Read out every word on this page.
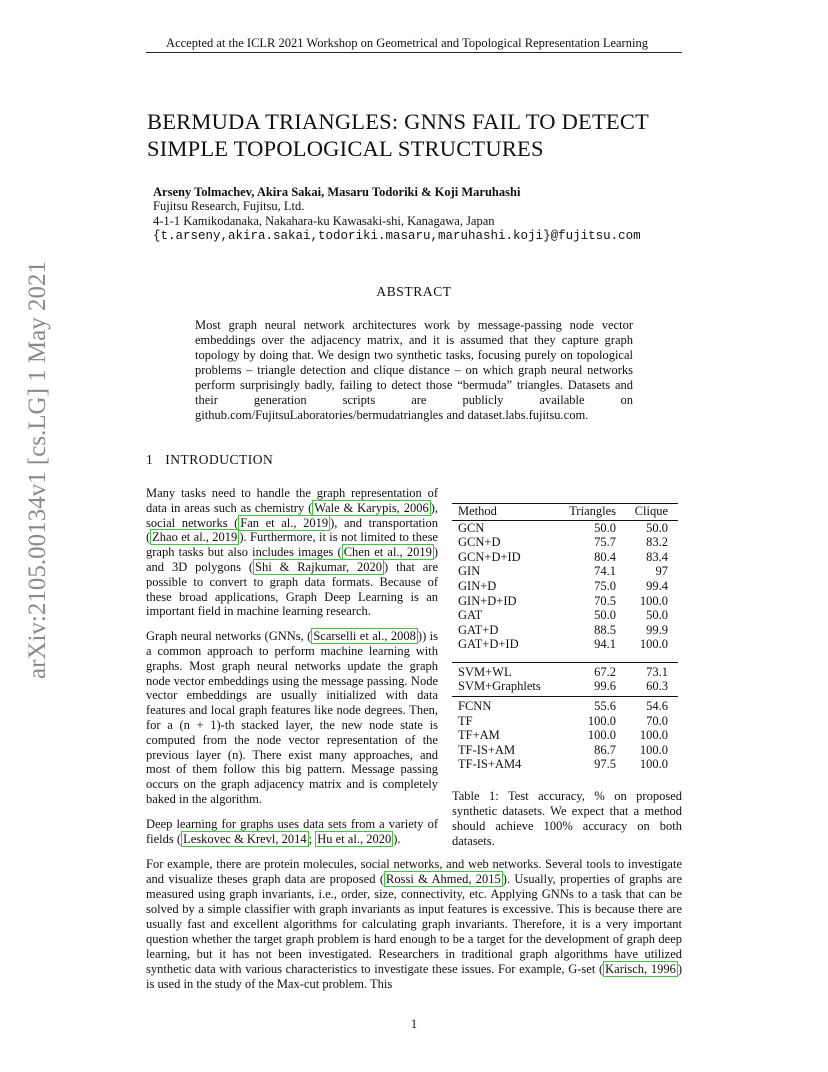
Accepted at the ICLR 2021 Workshop on Geometrical and Topological Representation Learning
arXiv:2105.00134v1 [cs.LG] 1 May 2021
BERMUDA TRIANGLES: GNNS FAIL TO DETECT
SIMPLE TOPOLOGICAL STRUCTURES
Arseny Tolmachev, Akira Sakai, Masaru Todoriki & Koji Maruhashi
Fujitsu Research, Fujitsu, Ltd.
4-1-1 Kamikodanaka, Nakahara-ku Kawasaki-shi, Kanagawa, Japan
{t.arseny,akira.sakai,todoriki.masaru,maruhashi.koji}@fujitsu.com
ABSTRACT
Most graph neural network architectures work by message-passing node vector embeddings over the adjacency matrix, and it is assumed that they capture graph topology by doing that. We design two synthetic tasks, focusing purely on topological problems – triangle detection and clique distance – on which graph neural networks perform surprisingly badly, failing to detect those “bermuda” triangles. Datasets and their generation scripts are publicly available on github.com/FujitsuLaboratories/bermudatriangles and dataset.labs.fujitsu.com.
1 INTRODUCTION

Many tasks need to handle the graph representation of data in areas such as chemistry ( Wale & Karypis, 2006 ), social networks ( Fan et al., 2019 ), and transportation ( Zhao et al., 2019 ). Furthermore, it is not limited to these graph tasks but also includes images ( Chen et al., 2019 ) and 3D polygons ( Shi & Rajkumar, 2020 ) that are possible to convert to graph data formats. Because of these broad applications, Graph Deep Learning is an important field in machine learning research.

Graph neural networks (GNNs, ( Scarselli et al., 2008 )) is a common approach to perform machine learning with graphs. Most graph neural networks update the graph node vector embeddings using the message passing. Node vector embeddings are usually initialized with data features and local graph features like node degrees. Then, for a (n + 1)-th stacked layer, the new node state is computed from the node vector representation of the previous layer (n). There exist many approaches, and most of them follow this big pattern. Message passing occurs on the graph adjacency matrix and is completely baked in the algorithm.

Deep learning for graphs uses data sets from a variety of fields ( Leskovec & Krevl, 2014 ; Hu et al., 2020 ).

For example, there are protein molecules, social networks, and web networks. Several tools to investigate and visualize theses graph data are proposed ( Rossi & Ahmed, 2015 ). Usually, properties of graphs are measured using graph invariants, i.e., order, size, connectivity, etc. Applying GNNs to a task that can be solved by a simple classifier with graph invariants as input features is excessive. This is because there are usually fast and excellent algorithms for calculating graph invariants. Therefore, it is a very important question whether the target graph problem is hard enough to be a target for the development of graph deep learning, but it has not been investigated. Researchers in traditional graph algorithms have utilized synthetic data with various characteristics to investigate these issues. For example, G-set ( Karisch, 1996 ) is used in the study of the Max-cut problem. This
Method	Triangles Clique
GCN	50.0 50.0
GCN+D	75.7 83.2
GCN+D+ID	80.4 83.4
GIN	74.1	97
GIN+D	75.0 99.4
GIN+D+ID	70.5 100.0
GAT	50.0 50.0
GAT+D	88.5 99.9
GAT+D+ID	94.1 100.0
SVM+WL	67.2 73.1
SVM+Graphlets	99.6 60.3
FCNN	55.6 54.6
TF	100.0 70.0
TF+AM	100.0 100.0
TF-IS+AM	86.7 100.0
TF-IS+AM4	97.5 100.0
Table 1: Test accuracy, % on proposed synthetic datasets. We expect that a method should achieve 100% accuracy on both datasets.
1
